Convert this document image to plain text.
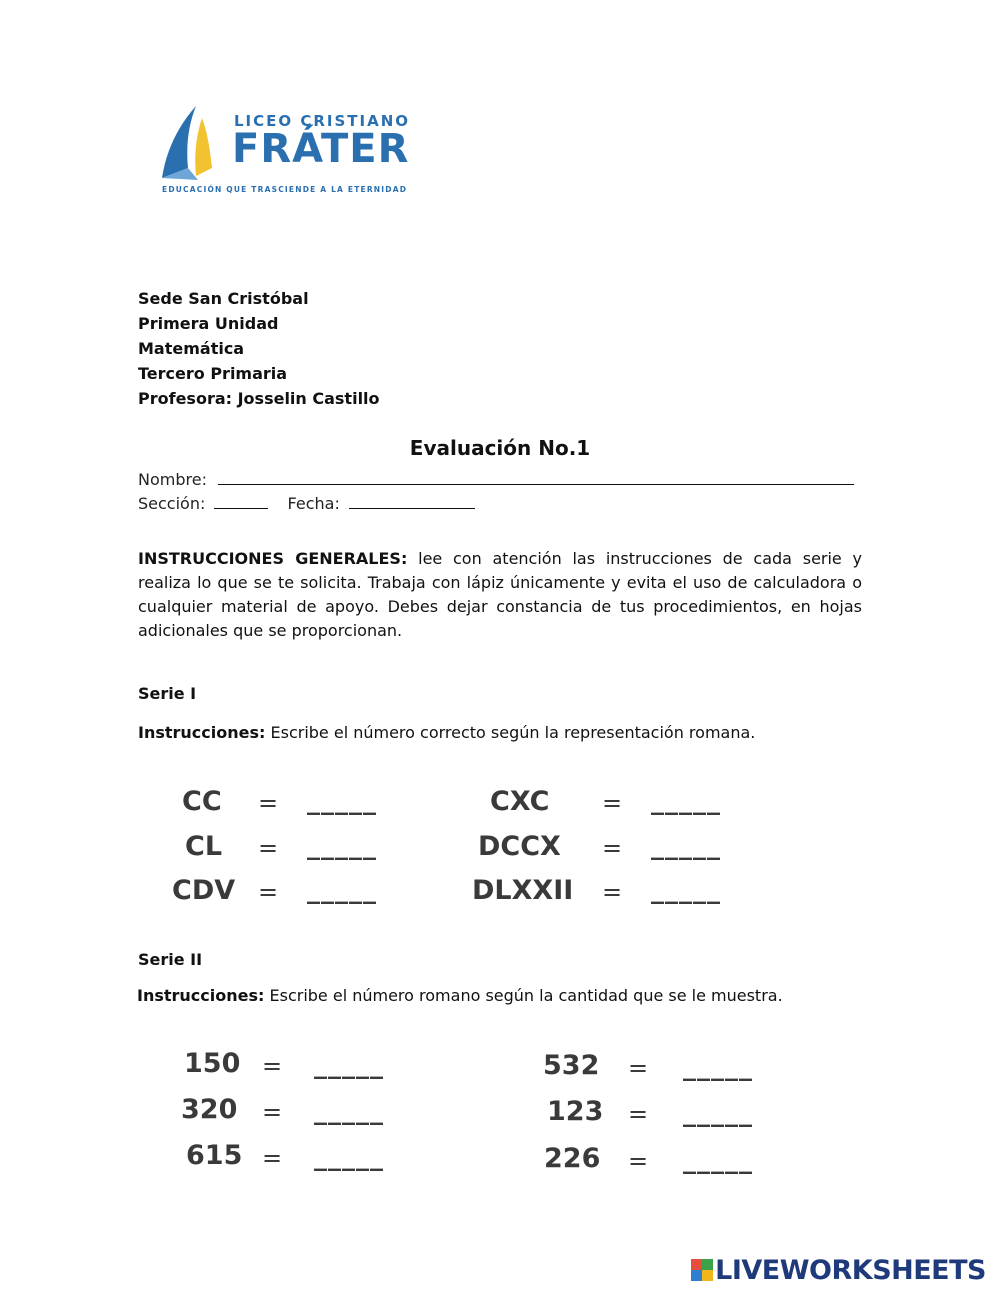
LICEO CRISTIANO
FRÁTER
EDUCACIÓN QUE TRASCIENDE A LA ETERNIDAD
Sede San Cristóbal
Primera Unidad
Matemática
Tercero Primaria
Profesora: Josselin Castillo
Evaluación No.1
Nombre:
Sección:	Fecha:
INSTRUCCIONES GENERALES: lee con atención las instrucciones de cada serie y realiza lo que se te solicita. Trabaja con lápiz únicamente y evita el uso de calculadora o cualquier material de apoyo. Debes dejar constancia de tus procedimientos, en hojas adicionales que se proporcionan.
Serie I
Instrucciones: Escribe el número correcto según la representación romana.
CC
CL
CDV
=
=
=
_____
_____
_____
CXC
DCCX
DLXXII
=
=
=
_____
_____
_____
Serie II
Instrucciones: Escribe el número romano según la cantidad que se le muestra.
150
320
615
=
=
=
_____
_____
_____
532
123
226
=
=
=
_____
_____
_____
LIVEWORKSHEETS
